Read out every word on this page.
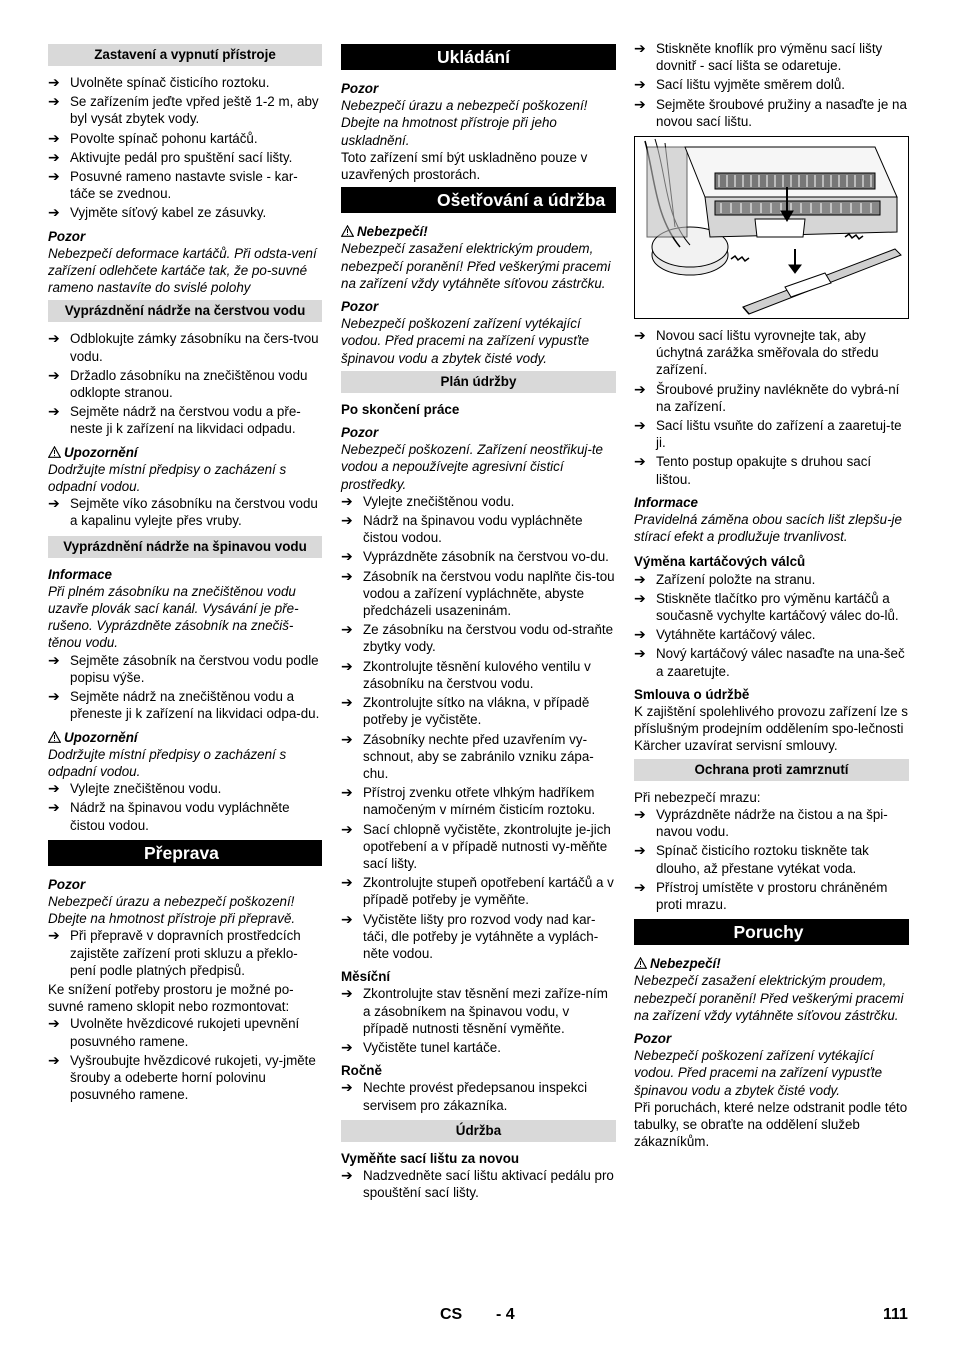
Zastavení a vypnutí přístroje
➔ Uvolněte spínač čisticího roztoku.
➔ Se zařízením jeďte vpřed ještě 1-2 m, aby byl vysát zbytek vody.
➔ Povolte spínač pohonu kartáčů.
➔ Aktivujte pedál pro spuštění sací lišty.
➔ Posuvné rameno nastavte svisle - kar-táče se zvednou.
➔ Vyjměte síťový kabel ze zásuvky.
Pozor

Nebezpečí deformace kartáčů. Při odsta-vení zařízení odlehčete kartáče tak, že po-suvné rameno nastavíte do svislé polohy

Vyprázdnění nádrže na čerstvou vodu
➔ Odblokujte zámky zásobníku na čers-tvou vodu.
➔ Držadlo zásobníku na znečištěnou vodu odklopte stranou.
➔ Sejměte nádrž na čerstvou vodu a pře-neste ji k zařízení na likvidaci odpadu.
Upozornění

Dodržujte místní předpisy o zacházení s odpadní vodou.

➔ Sejměte víko zásobníku na čerstvou vodu a kapalinu vylejte přes vruby.
Vyprázdnění nádrže na špinavou vodu
Informace

Při plném zásobníku na znečištěnou vodu uzavře plovák sací kanál. Vysávání je pře-rušeno. Vyprázdněte zásobník na znečiš-těnou vodu.

➔ Sejměte zásobník na čerstvou vodu podle popisu výše.
➔ Sejměte nádrž na znečištěnou vodu a přeneste ji k zařízení na likvidaci odpa-du.
Upozornění

Dodržujte místní předpisy o zacházení s odpadní vodou.

➔ Vylejte znečištěnou vodu.
➔ Nádrž na špinavou vodu vypláchněte čistou vodou.
Přeprava
Pozor

Nebezpečí úrazu a nebezpečí poškození! Dbejte na hmotnost přístroje při přepravě.

➔ Při přepravě v dopravních prostředcích zajistěte zařízení proti skluzu a překlo-pení podle platných předpisů.

Ke snížení potřeby prostoru je možné po-suvné rameno sklopit nebo rozmontovat:

➔ Uvolněte hvězdicové rukojeti upevnění posuvného ramene.
➔ Vyšroubujte hvězdicové rukojeti, vy-jměte šrouby a odeberte horní polovinu posuvného ramene.
Ukládání
Pozor

Nebezpečí úrazu a nebezpečí poškození! Dbejte na hmotnost přístroje při jeho uskladnění.

Toto zařízení smí být uskladněno pouze v uzavřených prostorách.

Ošetřování a údržba
Nebezpečí!

Nebezpečí zasažení elektrickým proudem, nebezpečí poranění! Před veškerými pracemi na zařízení vždy vytáhněte síťovou zástrčku.

Pozor

Nebezpečí poškození zařízení vytékající vodou. Před pracemi na zařízení vypusťte špinavou vodu a zbytek čisté vody.

Plán údržby
Po skončení práce
Pozor

Nebezpečí poškození. Zařízení neostřikuj-te vodou a nepoužívejte agresivní čisticí prostředky.

➔ Vylejte znečištěnou vodu.
➔ Nádrž na špinavou vodu vypláchněte čistou vodou.
➔ Vyprázdněte zásobník na čerstvou vo-du.
➔ Zásobník na čerstvou vodu naplňte čis-tou vodou a zařízení vypláchněte, abyste předcházeli usazeninám.
➔ Ze zásobníku na čerstvou vodu od-straňte zbytky vody.
➔ Zkontrolujte těsnění kulového ventilu v zásobníku na čerstvou vodu.
➔ Zkontrolujte sítko na vlákna, v případě potřeby je vyčistěte.
➔ Zásobníky nechte před uzavřením vy-schnout, aby se zabránilo vzniku zápa-chu.
➔ Přístroj zvenku otřete vlhkým hadříkem namočeným v mírném čisticím roztoku.
➔ Sací chlopně vyčistěte, zkontrolujte je-jich opotřebení a v případě nutnosti vy-měňte sací lišty.
➔ Zkontrolujte stupeň opotřebení kartáčů a v případě potřeby je vyměňte.
➔ Vyčistěte lišty pro rozvod vody nad kar-táči, dle potřeby je vytáhněte a vyplách-něte vodou.
Měsíční
➔ Zkontrolujte stav těsnění mezi zaříze-ním a zásobníkem na špinavou vodu, v případě nutnosti těsnění vyměňte.
➔ Vyčistěte tunel kartáče.
Ročně
➔ Nechte provést předepsanou inspekci servisem pro zákazníka.
Údržba
Vyměňte sací lištu za novou
➔ Nadzvedněte sací lištu aktivací pedálu pro spouštění sací lišty.
➔ Stiskněte knoflík pro výměnu sací lišty dovnitř - sací lišta se odaretuje.
➔ Sací lištu vyjměte směrem dolů.
➔ Sejměte šroubové pružiny a nasaďte je na novou sací lištu.
➔ Novou sací lištu vyrovnejte tak, aby úchytná zarážka směřovala do středu zařízení.
➔ Šroubové pružiny navlékněte do vybrá-ní na zařízení.
➔ Sací lištu vsuňte do zařízení a zaaretuj-te ji.
➔ Tento postup opakujte s druhou sací lištou.
Informace

Pravidelná záměna obou sacích lišt zlepšu-je stírací efekt a prodlužuje trvanlivost.

Výměna kartáčových válců
➔ Zařízení položte na stranu.
➔ Stiskněte tlačítko pro výměnu kartáčů a současně vychylte kartáčový válec do-lů.
➔ Vytáhněte kartáčový válec.
➔ Nový kartáčový válec nasaďte na una-šeč a zaaretujte.
Smlouva o údržbě

K zajištění spolehlivého provozu zařízení lze s příslušným prodejním oddělením spo-lečnosti Kärcher uzavírat servisní smlouvy.

Ochrana proti zamrznutí

Při nebezpečí mrazu:

➔ Vyprázdněte nádrže na čistou a na špi-navou vodu.
➔ Spínač čisticího roztoku tiskněte tak dlouho, až přestane vytékat voda.
➔ Přístroj umístěte v prostoru chráněném proti mrazu.
Poruchy
Nebezpečí!

Nebezpečí zasažení elektrickým proudem, nebezpečí poranění! Před veškerými pracemi na zařízení vždy vytáhněte síťovou zástrčku.

Pozor

Nebezpečí poškození zařízení vytékající vodou. Před pracemi na zařízení vypusťte špinavou vodu a zbytek čisté vody.

Při poruchách, které nelze odstranit podle této tabulky, se obraťte na oddělení služeb zákazníkům.

CS - 4	111
